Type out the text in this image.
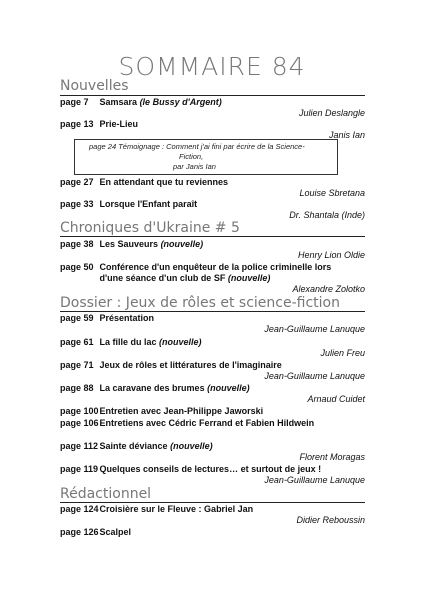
SOMMAIRE 84
Nouvelles
page 7 Samsara (le Bussy d'Argent)
Julien Deslangle
page 13 Prie-Lieu
Janis Ian
page 24 Témoignage : Comment j'ai fini par écrire de la Science-
Fiction,
par Janis Ian
page 27 En attendant que tu reviennes
Louise Sbretana
page 33 Lorsque l'Enfant paraît
Dr. Shantala (Inde)
Chroniques d'Ukraine # 5
page 38 Les Sauveurs (nouvelle)
Henry Lion Oldie
page 50 Conférence d'un enquêteur de la police criminelle lors
d'une séance d'un club de SF (nouvelle)
Alexandre Zolotko
Dossier : Jeux de rôles et science-fiction
page 59 Présentation
Jean-Guillaume Lanuque
page 61 La fille du lac (nouvelle)
Julien Freu
page 71 Jeux de rôles et littératures de l'imaginaire
Jean-Guillaume Lanuque
page 88 La caravane des brumes (nouvelle)
Arnaud Cuidet
page 100 Entretien avec Jean-Philippe Jaworski
page 106 Entretiens avec Cédric Ferrand et Fabien Hildwein
page 112 Sainte déviance (nouvelle)
Florent Moragas
page 119 Quelques conseils de lectures… et surtout de jeux !
Jean-Guillaume Lanuque
Rédactionnel
page 124 Croisière sur le Fleuve : Gabriel Jan
Didier Reboussin
page 126 Scalpel
